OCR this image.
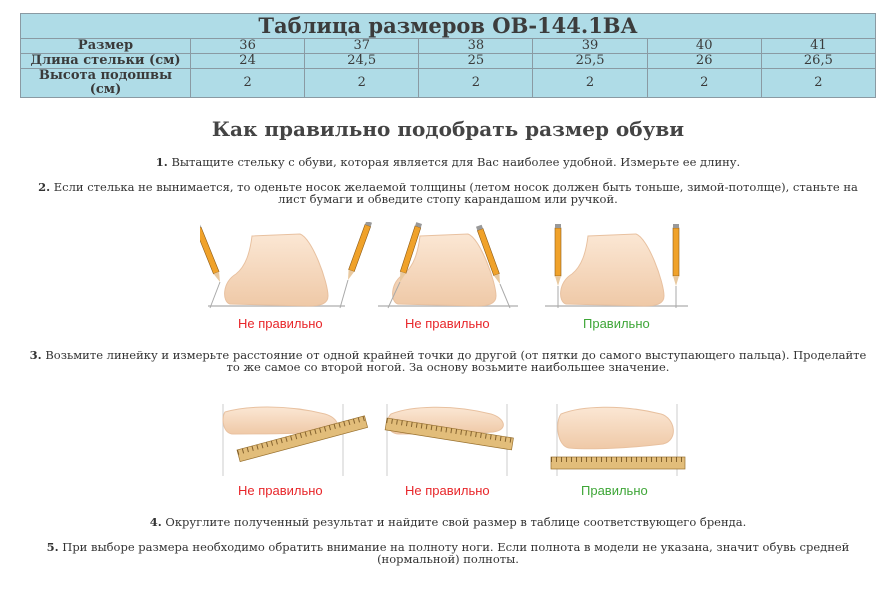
Таблица размеров ОВ-144.1ВА						
Размер	36	37	38	39	40	41
Длина стельки (см)	24	24,5	25	25,5	26	26,5
Высота подошвы (см)	2	2	2	2	2	2
Как правильно подобрать размер обуви
1. Вытащите стельку с обуви, которая является для Вас наиболее удобной. Измерьте ее длину.
2. Если стелька не вынимается, то оденьте носок желаемой толщины (летом носок должен быть тоньше, зимой-потолще), станьте на лист бумаги и обведите стопу карандашом или ручкой.
Не правильно	Не правильно	Правильно
3. Возьмите линейку и измерьте расстояние от одной крайней точки до другой (от пятки до самого выступающего пальца). Проделайте то же самое со второй ногой. За основу возьмите наибольшее значение.
Не правильно	Не правильно	Правильно
4. Округлите полученный результат и найдите свой размер в таблице соответствующего бренда.
5. При выборе размера необходимо обратить внимание на полноту ноги. Если полнота в модели не указана, значит обувь средней (нормальной) полноты.
